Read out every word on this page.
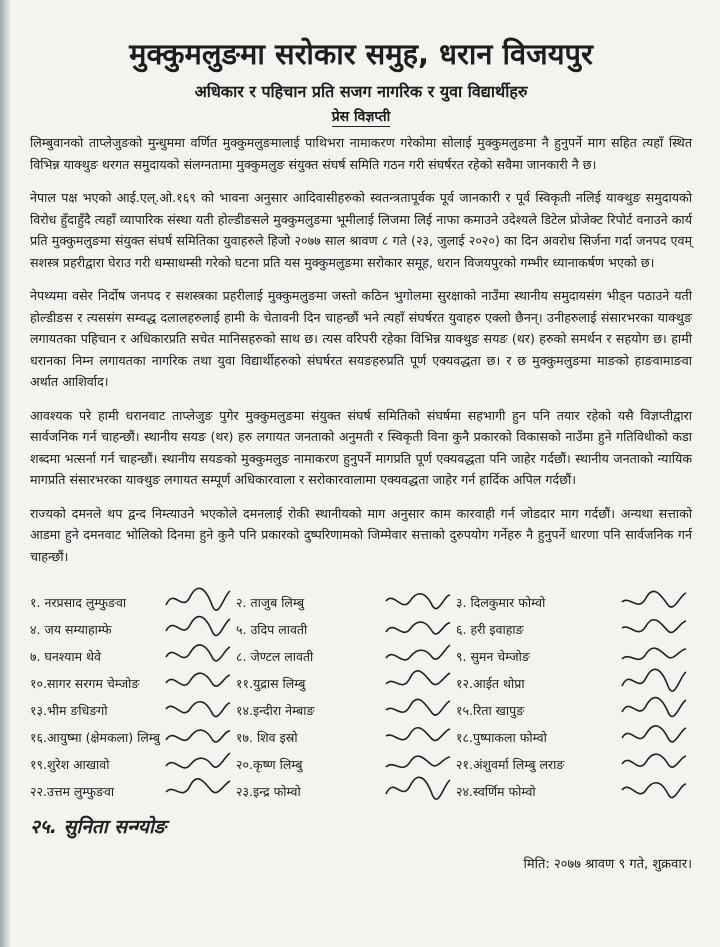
मुक्कुमलुङमा सरोकार समुह, धरान विजयपुर
अधिकार र पहिचान प्रति सजग नागरिक र युवा विद्यार्थीहरु
प्रेस विज्ञप्ती

लिम्बुवानको ताप्लेजुङको मुन्धुममा वर्णित मुक्कुमलुङमालाई पाथिभरा नामाकरण गरेकोमा सोलाई मुक्कुमलुङमा नै हुनुपर्ने माग सहित त्यहाँ स्थित विभिन्न याक्थुङ थरगत समुदायको संलग्नतामा मुक्कुमलुङ संयुक्त संघर्ष समिति गठन गरी संघर्षरत रहेको सवैमा जानकारी नै छ।

नेपाल पक्ष भएको आई.एल्.ओ.१६९ को भावना अनुसार आदिवासीहरुको स्वतन्त्रतापूर्वक पूर्व जानकारी र पूर्व स्विकृती नलिई याक्थुङ समुदायको विरोध हुँदाहुँदै त्यहाँ व्यापारिक संस्था यती होल्डीङसले मुक्कुमलुङमा भूमीलाई लिजमा लिई नाफा कमाउने उदेश्यले डिटेल प्रोजेक्ट रिपोर्ट वनाउने कार्य प्रति मुक्कुमलुङमा संयुक्त संघर्ष समितिका युवाहरुले हिजो २०७७ साल श्रावण ८ गते (२३, जुलाई २०२०) का दिन अवरोध सिर्जना गर्दा जनपद एवम् सशस्त्र प्रहरीद्वारा घेराउ गरी धम्साधम्सी गरेको घटना प्रति यस मुक्कुमलुङमा सरोकार समूह, धरान विजयपुरको गम्भीर ध्यानाकर्षण भएको छ।

नेपथ्यमा वसेर निर्दोष जनपद र सशस्त्रका प्रहरीलाई मुक्कुमलुङमा जस्तो कठिन भुगोलमा सुरक्षाको नाउँमा स्थानीय समुदायसंग भीड्न पठाउने यती होल्डीङस र त्यससंग सम्वद्ध दलालहरुलाई हामी के चेतावनी दिन चाहन्छौं भने त्यहाँ संघर्षरत युवाहरु एक्लो छैनन्। उनीहरुलाई संसारभरका याक्थुङ लगायतका पहिचान र अधिकारप्रति सचेत मानिसहरुको साथ छ। त्यस वरिपरी रहेका विभिन्न याक्थुङ सयङ (थर) हरुको समर्थन र सहयोग छ। हामी धरानका निम्न लगायतका नागरिक तथा युवा विद्यार्थीहरुको संघर्षरत सयङहरुप्रति पूर्ण एक्यवद्धता छ। र छ मुक्कुमलुङमा माङको हाङवामाङवा अर्थात आशिर्वाद।

आवश्यक परे हामी धरानवाट ताप्लेजुङ पुगेर मुक्कुमलुङमा संयुक्त संघर्ष समितिको संघर्षमा सहभागी हुन पनि तयार रहेको यसै विज्ञप्तीद्वारा सार्वजनिक गर्न चाहन्छौं। स्थानीय सयङ (थर) हरु लगायत जनताको अनुमती र स्विकृती विना कुनै प्रकारको विकासको नाउँमा हुने गतिविधीको कडा शब्दमा भत्सर्ना गर्न चाहन्छौं। स्थानीय सयङको मुक्कुमलुङ नामाकरण हुनुपर्ने मागप्रति पूर्ण एक्यवद्धता पनि जाहेर गर्दछौं। स्थानीय जनताको न्यायिक मागप्रति संसारभरका याक्थुङ लगायत सम्पूर्ण अधिकारवाला र सरोकारवालामा एक्यवद्धता जाहेर गर्न हार्दिक अपिल गर्दछौं।

राज्यको दमनले थप द्वन्द निम्त्याउने भएकोले दमनलाई रोकी स्थानीयको माग अनुसार काम कारवाही गर्न जोडदार माग गर्दछौं। अन्यथा सत्ताको आडमा हुने दमनवाट भोलिको दिनमा हुने कुनै पनि प्रकारको दुष्परिणामको जिम्मेवार सत्ताको दुरुपयोग गर्नेहरु नै हुनुपर्ने धारणा पनि सार्वजनिक गर्न चाहन्छौं।

१. नरप्रसाद लुम्फुङवा	२. ताजुब लिम्बु	३. दिलकुमार फोम्वो
४. जय सम्याहाम्फे	५. उदिप लावती	६. हरी इवाहाङ
७. घनश्याम थेवे	८. जेण्टल लावती	९. सुमन चेम्जोङ
१०.सागर सरगम चेम्जोङ	११.युद्रास लिम्बु	१२.आईत थोप्रा
१३.भीम ङधिङगो	१४.इन्दीरा नेम्बाङ	१५.रिता खापुङ
१६.आयुष्मा (क्षेमकला) लिम्बु	१७. शिव इस्रो	१८.पुष्पाकला फोम्वो
१९.शुरेश आखावो	२०.कृष्ण लिम्बु	२१.अंशुवर्मा लिम्बु लराङ
२२.उत्तम लुम्फुङवा	२३.इन्द्र फोम्वो	२४.स्वर्णिम फोम्वो
२५. सुनिता सन्ग्योङ
मिति: २०७७ श्रावण ९ गते, शुक्रवार।
